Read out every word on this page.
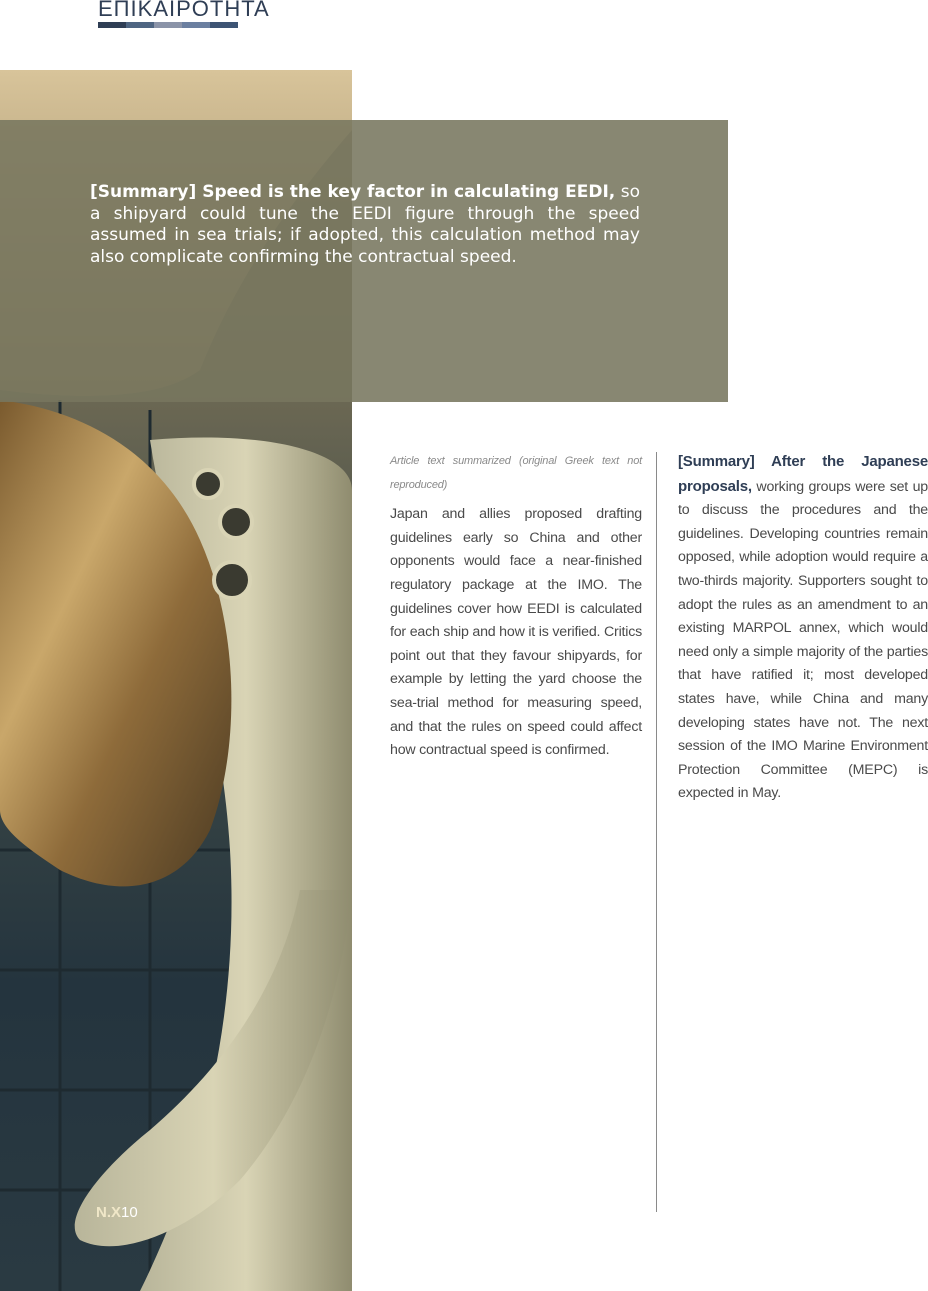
ΕΠΙΚΑΙΡΟΤΗΤΑ
[Summary] Speed is the key factor in calculating EEDI, so a shipyard could tune the EEDI figure through the speed assumed in sea trials; if adopted, this calculation method may also complicate confirming the contractual speed.
Article text summarized (original Greek text not reproduced)
Japan and allies proposed drafting guidelines early so China and other opponents would face a near-finished regulatory package at the IMO. The guidelines cover how EEDI is calculated for each ship and how it is verified. Critics point out that they favour shipyards, for example by letting the yard choose the sea-trial method for measuring speed, and that the rules on speed could affect how contractual speed is confirmed.
[Summary] After the Japanese proposals, working groups were set up to discuss the procedures and the guidelines. Developing countries remain opposed, while adoption would require a two-thirds majority. Supporters sought to adopt the rules as an amendment to an existing MARPOL annex, which would need only a simple majority of the parties that have ratified it; most developed states have, while China and many developing states have not. The next session of the IMO Marine Environment Protection Committee (MEPC) is expected in May.
N.X10
